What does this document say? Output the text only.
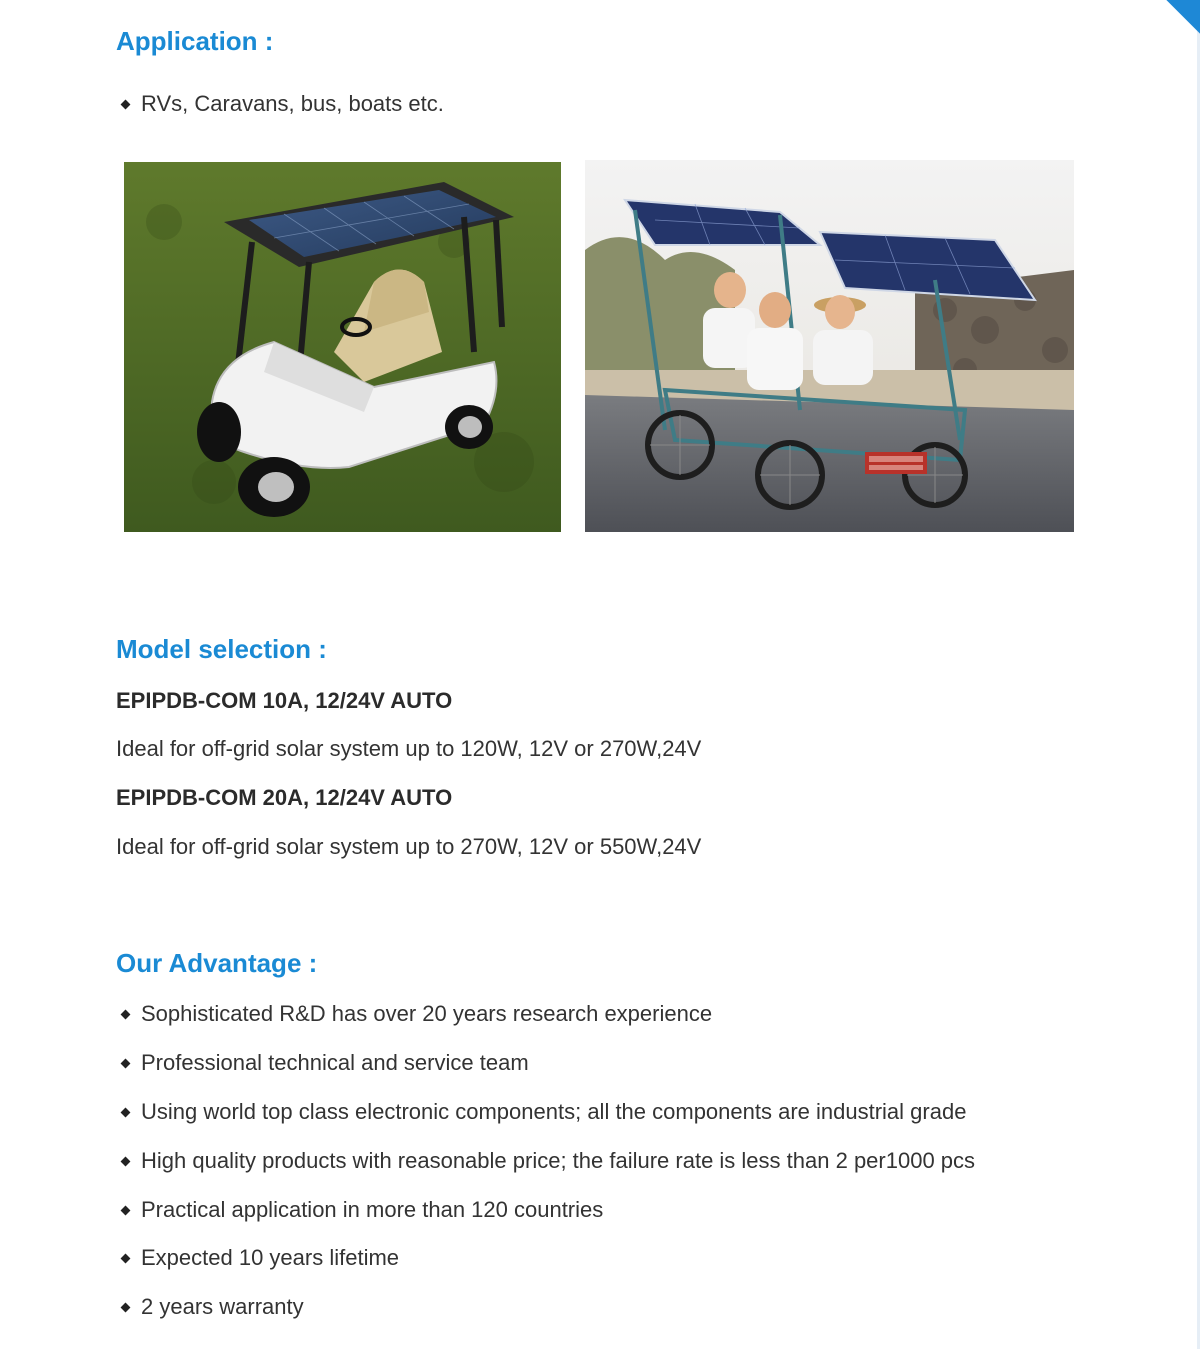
Application :
RVs, Caravans, bus, boats etc.
Model selection :
EPIPDB-COM 10A, 12/24V AUTO
Ideal for off-grid solar system up to 120W, 12V or 270W,24V
EPIPDB-COM 20A, 12/24V AUTO
Ideal for off-grid solar system up to 270W, 12V or 550W,24V
Our Advantage :
Sophisticated R&D has over 20 years research experience
Professional technical and service team
Using world top class electronic components; all the components are industrial grade
High quality products with reasonable price; the failure rate is less than 2 per1000 pcs
Practical application in more than 120 countries
Expected 10 years lifetime
2 years warranty
